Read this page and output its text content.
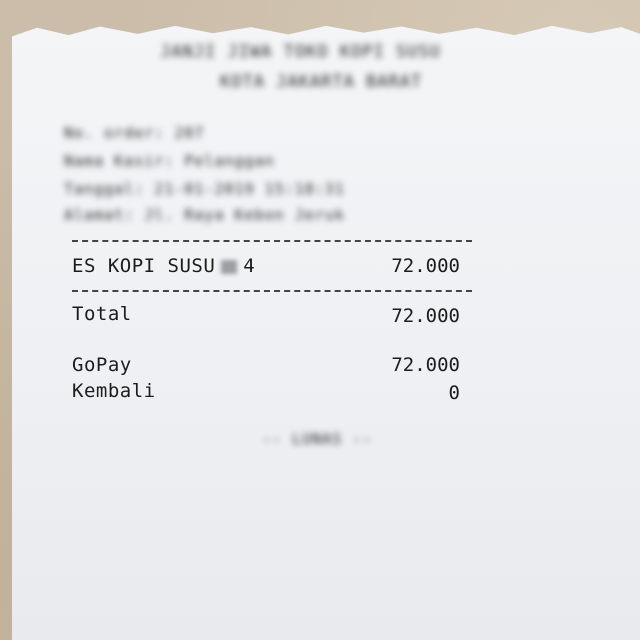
JANJI JIWA TOKO KOPI SUSU
KOTA JAKARTA BARAT
No. order: 207
Nama Kasir: Pelanggan
Tanggal: 21-01-2019 15:18:31
Alamat: Jl. Raya Kebon Jeruk
ES KOPI SUSU 4	72.000
Total	72.000
GoPay	72.000
Kembali	0
-- LUNAS --
